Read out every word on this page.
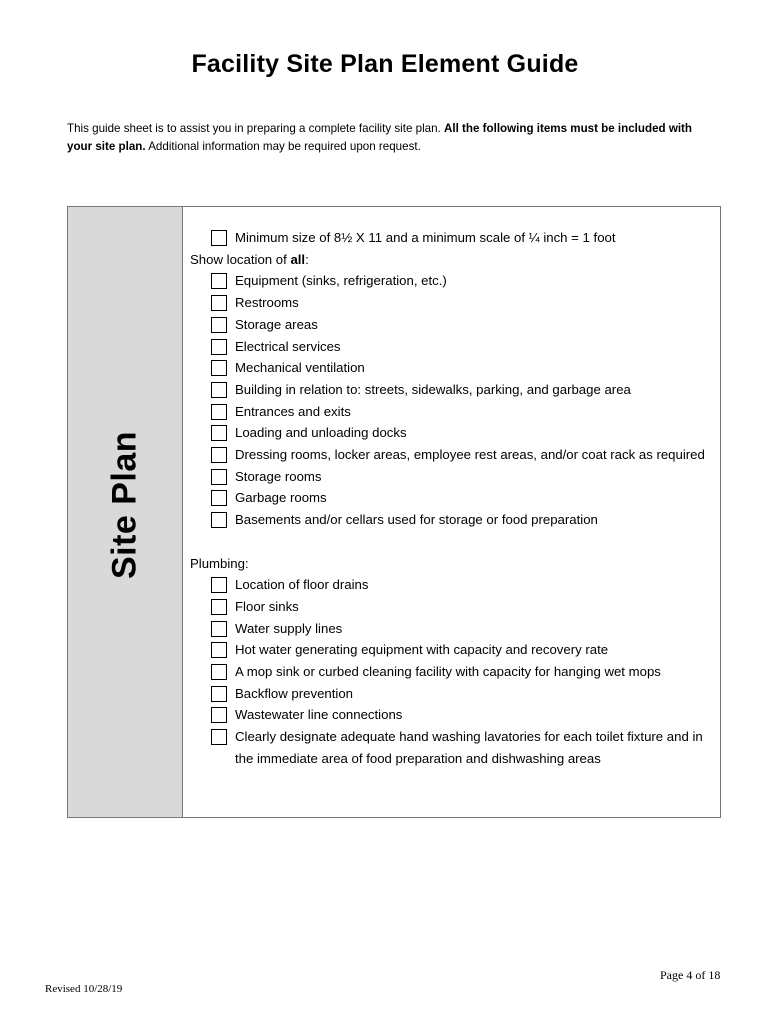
Facility Site Plan Element Guide
This guide sheet is to assist you in preparing a complete facility site plan. All the following items must be included with your site plan. Additional information may be required upon request.
Site Plan
Minimum size of 8½ X 11 and a minimum scale of ¼ inch = 1 foot
Show location of all:
Equipment (sinks, refrigeration, etc.)
Restrooms
Storage areas
Electrical services
Mechanical ventilation
Building in relation to: streets, sidewalks, parking, and garbage area
Entrances and exits
Loading and unloading docks
Dressing rooms, locker areas, employee rest areas, and/or coat rack as required
Storage rooms
Garbage rooms
Basements and/or cellars used for storage or food preparation
Plumbing:
Location of floor drains
Floor sinks
Water supply lines
Hot water generating equipment with capacity and recovery rate
A mop sink or curbed cleaning facility with capacity for hanging wet mops
Backflow prevention
Wastewater line connections
Clearly designate adequate hand washing lavatories for each toilet fixture and in the immediate area of food preparation and dishwashing areas
Page 4 of 18
Revised 10/28/19
